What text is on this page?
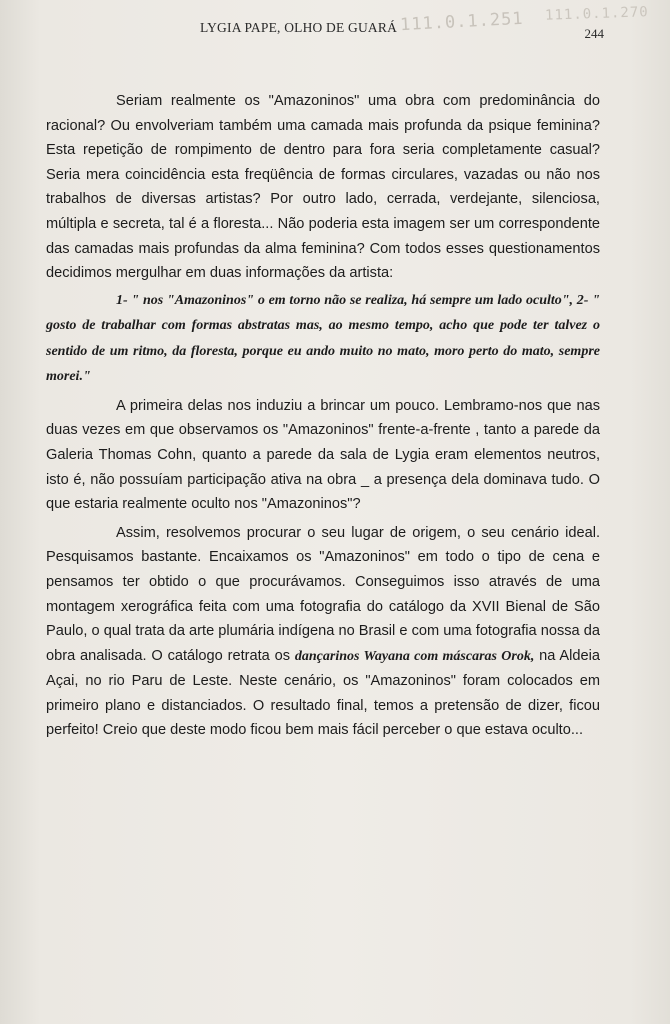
LYGIA PAPE, OLHO DE GUARÁ 111.0.1.251 111.0.1.270
244

Seriam realmente os "Amazoninos" uma obra com predominância do racional? Ou envolveriam também uma camada mais profunda da psique feminina? Esta repetição de rompimento de dentro para fora seria completamente casual? Seria mera coincidência esta freqüência de formas circulares, vazadas ou não nos trabalhos de diversas artistas? Por outro lado, cerrada, verdejante, silenciosa, múltipla e secreta, tal é a floresta... Não poderia esta imagem ser um correspondente das camadas mais profundas da alma feminina? Com todos esses questionamentos decidimos mergulhar em duas informações da artista:
1- " nos "Amazoninos" o em torno não se realiza, há sempre um lado oculto", 2- " gosto de trabalhar com formas abstratas mas, ao mesmo tempo, acho que pode ter talvez o sentido de um ritmo, da floresta, porque eu ando muito no mato, moro perto do mato, sempre morei."

A primeira delas nos induziu a brincar um pouco. Lembramo-nos que nas duas vezes em que observamos os "Amazoninos" frente-a-frente , tanto a parede da Galeria Thomas Cohn, quanto a parede da sala de Lygia eram elementos neutros, isto é, não possuíam participação ativa na obra _ a presença dela dominava tudo. O que estaria realmente oculto nos "Amazoninos"?

Assim, resolvemos procurar o seu lugar de origem, o seu cenário ideal. Pesquisamos bastante. Encaixamos os "Amazoninos" em todo o tipo de cena e pensamos ter obtido o que procurávamos. Conseguimos isso através de uma montagem xerográfica feita com uma fotografia do catálogo da XVII Bienal de São Paulo, o qual trata da arte plumária indígena no Brasil e com uma fotografia nossa da obra analisada. O catálogo retrata os dançarinos Wayana com máscaras Orok, na Aldeia Açai, no rio Paru de Leste. Neste cenário, os "Amazoninos" foram colocados em primeiro plano e distanciados. O resultado final, temos a pretensão de dizer, ficou perfeito! Creio que deste modo ficou bem mais fácil perceber o que estava oculto...
